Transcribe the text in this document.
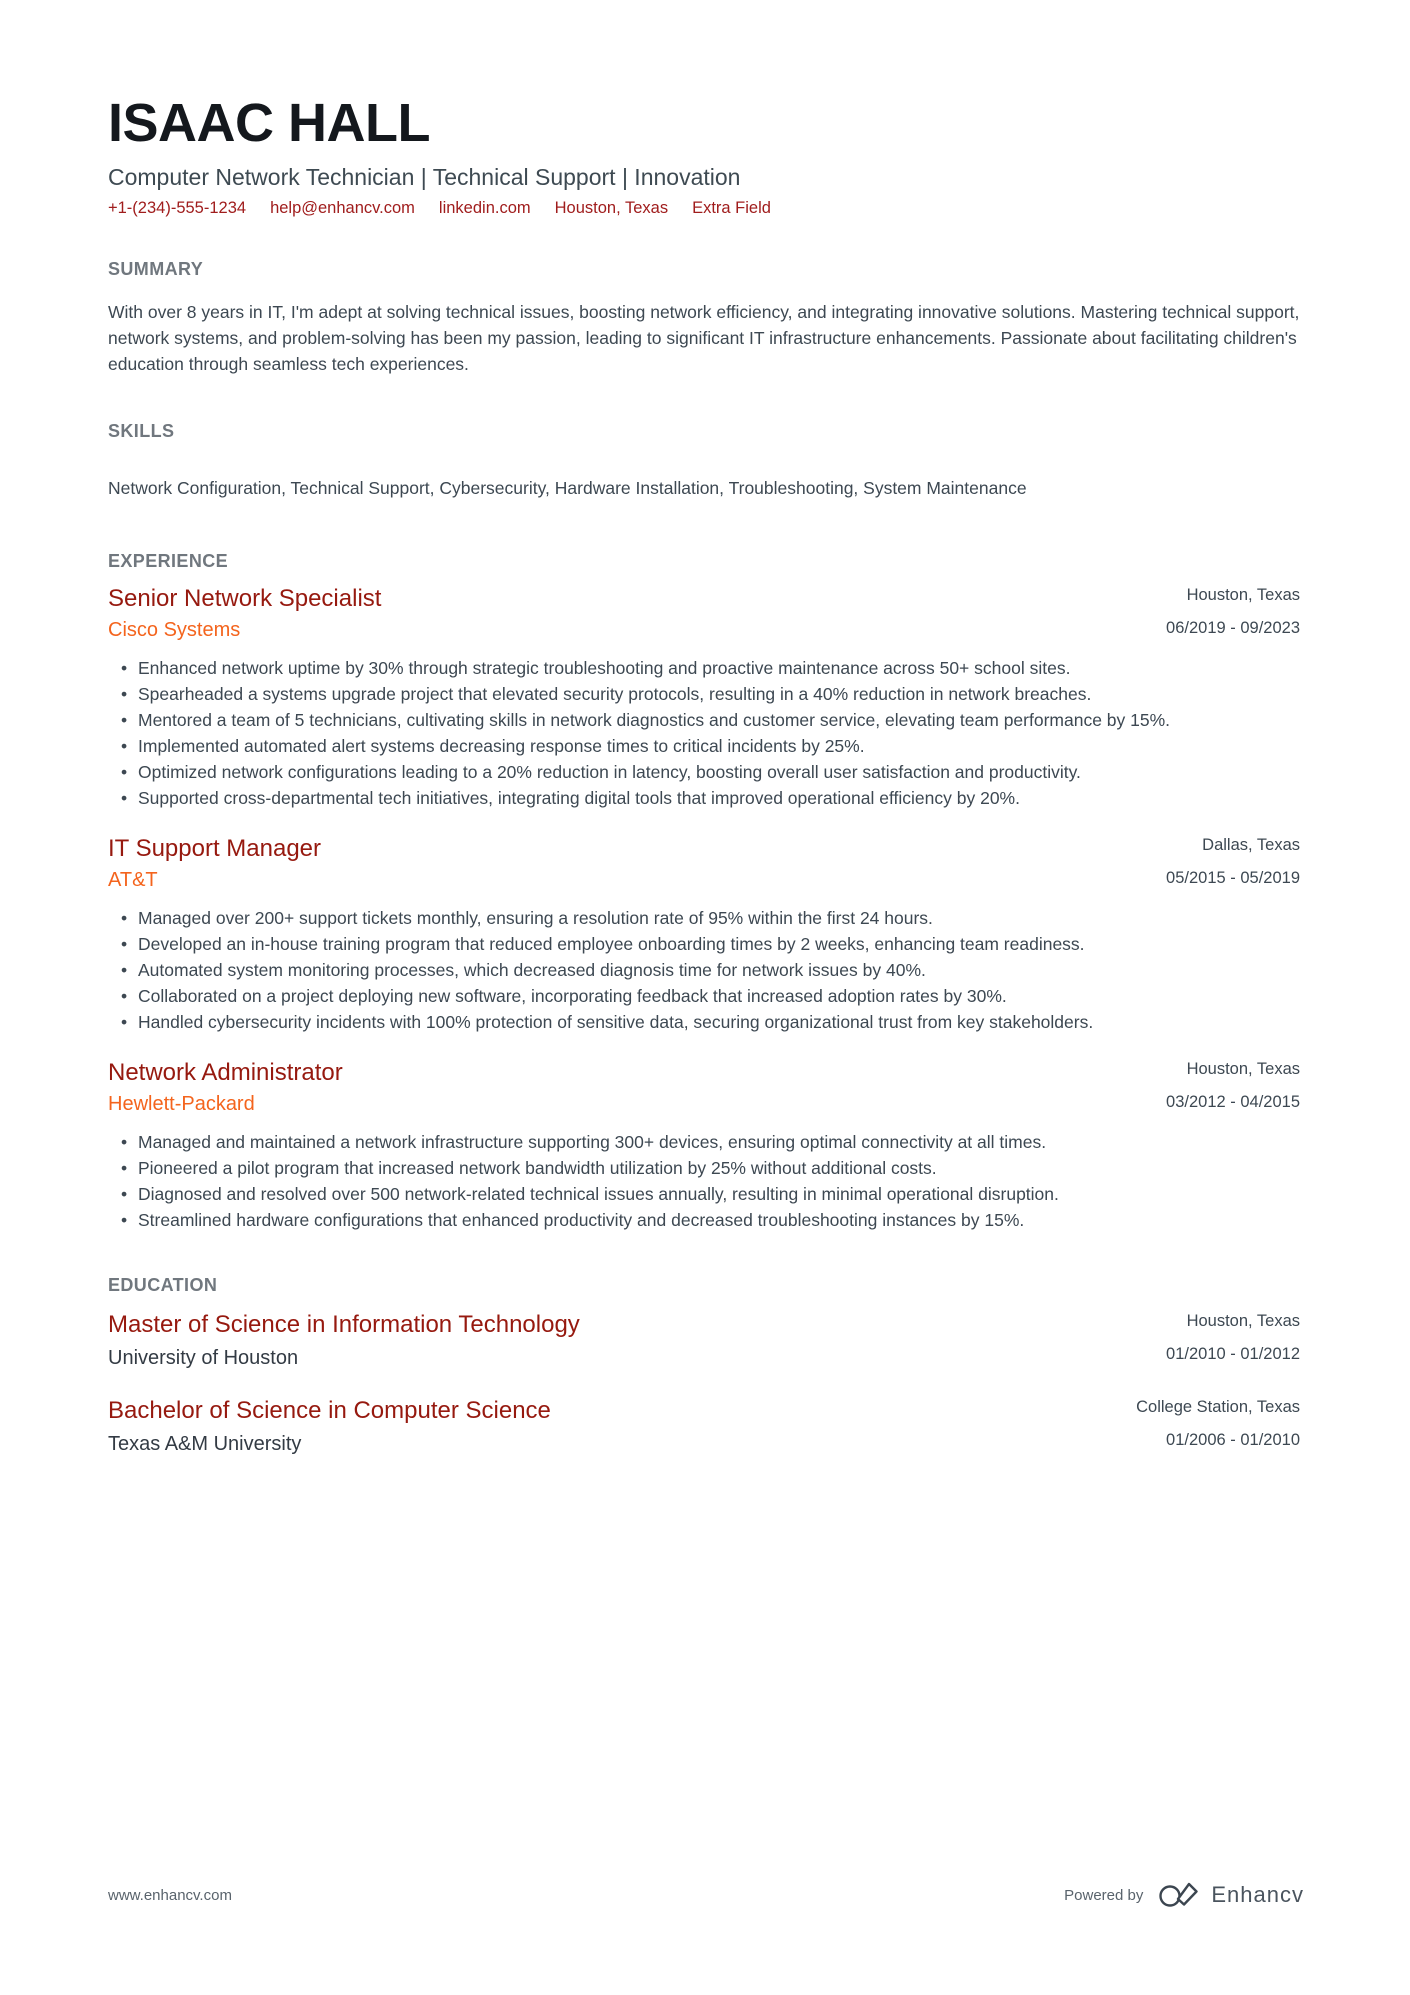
ISAAC HALL
Computer Network Technician | Technical Support | Innovation
+1-(234)-555-1234 help@enhancv.com linkedin.com Houston, Texas Extra Field
SUMMARY

With over 8 years in IT, I'm adept at solving technical issues, boosting network efficiency, and integrating innovative solutions. Mastering technical support, network systems, and problem-solving has been my passion, leading to significant IT infrastructure enhancements. Passionate about facilitating children's education through seamless tech experiences.

SKILLS

Network Configuration, Technical Support, Cybersecurity, Hardware Installation, Troubleshooting, System Maintenance

EXPERIENCE
Senior Network Specialist
Cisco Systems
Houston, Texas
06/2019 - 09/2023
• Enhanced network uptime by 30% through strategic troubleshooting and proactive maintenance across 50+ school sites.
• Spearheaded a systems upgrade project that elevated security protocols, resulting in a 40% reduction in network breaches.
• Mentored a team of 5 technicians, cultivating skills in network diagnostics and customer service, elevating team performance by 15%.
• Implemented automated alert systems decreasing response times to critical incidents by 25%.
• Optimized network configurations leading to a 20% reduction in latency, boosting overall user satisfaction and productivity.
• Supported cross-departmental tech initiatives, integrating digital tools that improved operational efficiency by 20%.
IT Support Manager
AT&T
Dallas, Texas
05/2015 - 05/2019
• Managed over 200+ support tickets monthly, ensuring a resolution rate of 95% within the first 24 hours.
• Developed an in-house training program that reduced employee onboarding times by 2 weeks, enhancing team readiness.
• Automated system monitoring processes, which decreased diagnosis time for network issues by 40%.
• Collaborated on a project deploying new software, incorporating feedback that increased adoption rates by 30%.
• Handled cybersecurity incidents with 100% protection of sensitive data, securing organizational trust from key stakeholders.
Network Administrator
Hewlett-Packard
Houston, Texas
03/2012 - 04/2015
• Managed and maintained a network infrastructure supporting 300+ devices, ensuring optimal connectivity at all times.
• Pioneered a pilot program that increased network bandwidth utilization by 25% without additional costs.
• Diagnosed and resolved over 500 network-related technical issues annually, resulting in minimal operational disruption.
• Streamlined hardware configurations that enhanced productivity and decreased troubleshooting instances by 15%.
EDUCATION
Master of Science in Information Technology
University of Houston
Houston, Texas
01/2010 - 01/2012
Bachelor of Science in Computer Science
Texas A&M University
College Station, Texas
01/2006 - 01/2010
www.enhancv.com	Powered by	Enhancv
